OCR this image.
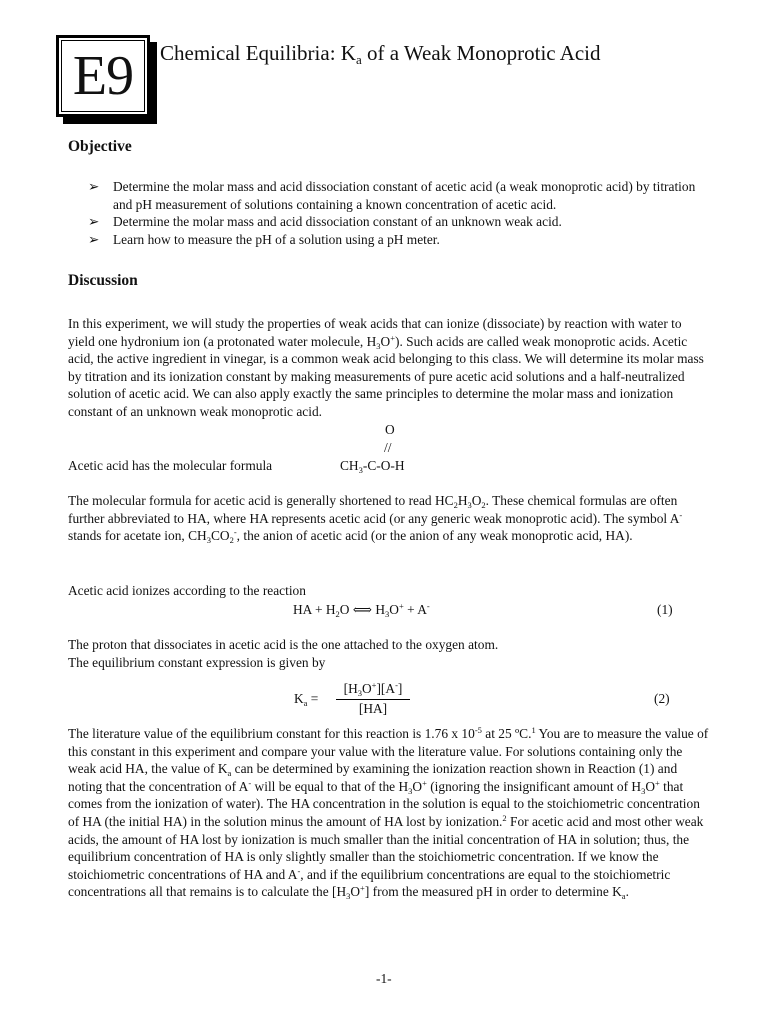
E9	Chemical Equilibria: $K_a$ of a Weak Monoprotic Acid
Objective
➢ Determine the molar mass and acid dissociation constant of acetic acid (a weak monoprotic acid) by titration and pH measurement of solutions containing a known concentration of acetic acid.
➢ Determine the molar mass and acid dissociation constant of an unknown weak acid.
➢ Learn how to measure the pH of a solution using a pH meter.
Discussion

In this experiment, we will study the properties of weak acids that can ionize (dissociate) by reaction with water to yield one hydronium ion (a protonated water molecule, $H_3O^+$). Such acids are called weak monoprotic acids. Acetic acid, the active ingredient in vinegar, is a common weak acid belonging to this class. We will determine its molar mass by titration and its ionization constant by making measurements of pure acetic acid solutions and a half-neutralized solution of acetic acid. We can also apply exactly the same principles to determine the molar mass and ionization constant of an unknown weak monoprotic acid.

O
//
Acetic acid has the molecular formula	$CH_3-C-O-H$

The molecular formula for acetic acid is generally shortened to read $HC_2H_3O_2$. These chemical formulas are often further abbreviated to HA, where HA represents acetic acid (or any generic weak monoprotic acid). The symbol A- stands for acetate ion, $CH_3CO_2^-$, the anion of acetic acid (or the anion of any weak monoprotic acid, HA).

Acetic acid ionizes according to the reaction

HA + $H_2O$ ⟺ $H_3O^+ + A^-$	(1)

The proton that dissociates in acetic acid is the one attached to the oxygen atom.

The equilibrium constant expression is given by

$K_a = \frac{[H_3O^+][A^-]}{[HA]}$	(2)

The literature value of the equilibrium constant for this reaction is 1.76 x $10^{-5}$ at 25 ºC.$^1$ You are to measure the value of this constant in this experiment and compare your value with the literature value. For solutions containing only the weak acid HA, the value of $K_a$ can be determined by examining the ionization reaction shown in Reaction (1) and noting that the concentration of A- will be equal to that of the $H_3O^+$ (ignoring the insignificant amount of $H_3O^+$ that comes from the ionization of water). The HA concentration in the solution is equal to the stoichiometric concentration of HA (the initial HA) in the solution minus the amount of HA lost by ionization.$^2$ For acetic acid and most other weak acids, the amount of HA lost by ionization is much smaller than the initial concentration of HA in solution; thus, the equilibrium concentration of HA is only slightly smaller than the stoichiometric concentration. If we know the stoichiometric concentrations of HA and A-, and if the equilibrium concentrations are equal to the stoichiometric concentrations all that remains is to calculate the $[H_3O^+]$ from the measured pH in order to determine $K_a$.

-1-
